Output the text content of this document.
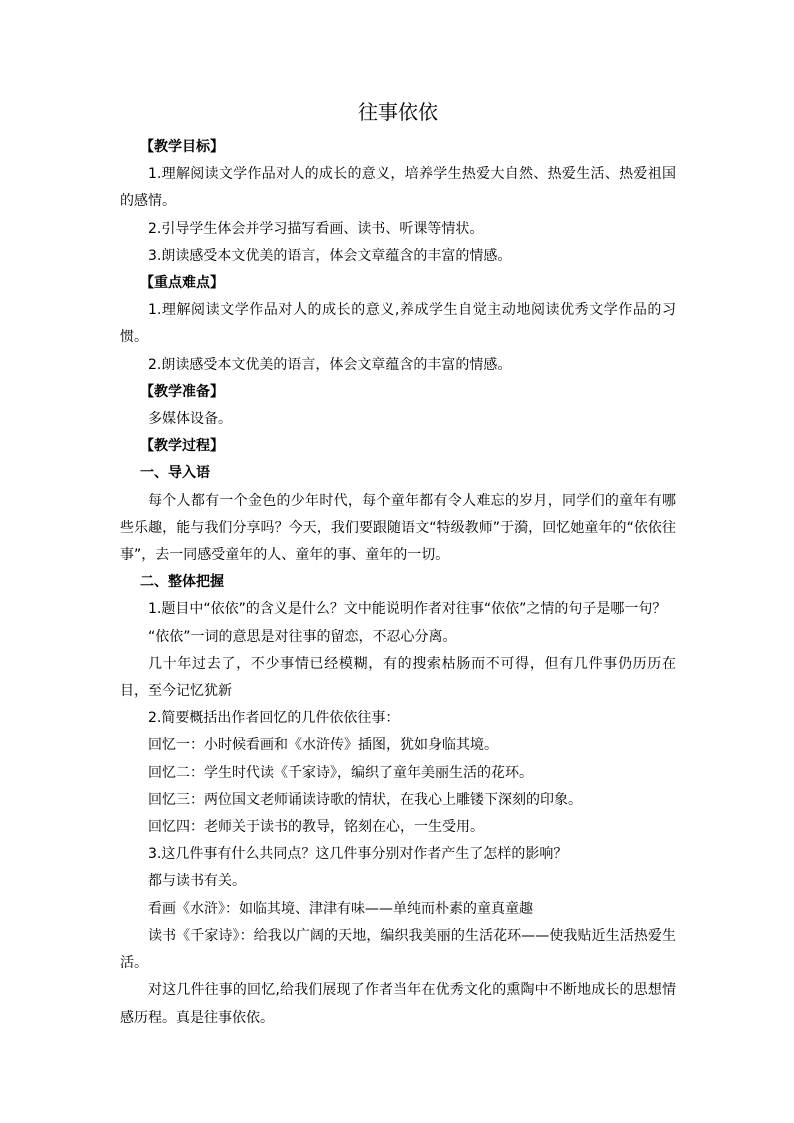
往事依依
【教学目标】

1.理解阅读文学作品对人的成长的意义，培养学生热爱大自然、热爱生活、热爱祖国的感情。

2.引导学生体会并学习描写看画、读书、听课等情状。

3.朗读感受本文优美的语言，体会文章蕴含的丰富的情感。

【重点难点】

1.理解阅读文学作品对人的成长的意义,养成学生自觉主动地阅读优秀文学作品的习惯。

2.朗读感受本文优美的语言，体会文章蕴含的丰富的情感。

【教学准备】

多媒体设备。

【教学过程】
一、导入语

每个人都有一个金色的少年时代，每个童年都有令人难忘的岁月，同学们的童年有哪些乐趣，能与我们分享吗？今天，我们要跟随语文“特级教师”于漪，回忆她童年的“依依往事”，去一同感受童年的人、童年的事、童年的一切。

二、整体把握

1.题目中“依依”的含义是什么？文中能说明作者对往事“依依”之情的句子是哪一句？

“依依”一词的意思是对往事的留恋，不忍心分离。

几十年过去了，不少事情已经模糊，有的搜索枯肠而不可得，但有几件事仍历历在目，至今记忆犹新

2.简要概括出作者回忆的几件依依往事：

回忆一：小时候看画和《水浒传》插图，犹如身临其境。

回忆二：学生时代读《千家诗》，编织了童年美丽生活的花环。

回忆三：两位国文老师诵读诗歌的情状，在我心上雕镂下深刻的印象。

回忆四：老师关于读书的教导，铭刻在心，一生受用。

3.这几件事有什么共同点？这几件事分别对作者产生了怎样的影响？

都与读书有关。

看画《水浒》：如临其境、津津有味——单纯而朴素的童真童趣

读书《千家诗》：给我以广阔的天地，编织我美丽的生活花环——使我贴近生活热爱生活。

对这几件往事的回忆,给我们展现了作者当年在优秀文化的熏陶中不断地成长的思想情感历程。真是往事依依。
